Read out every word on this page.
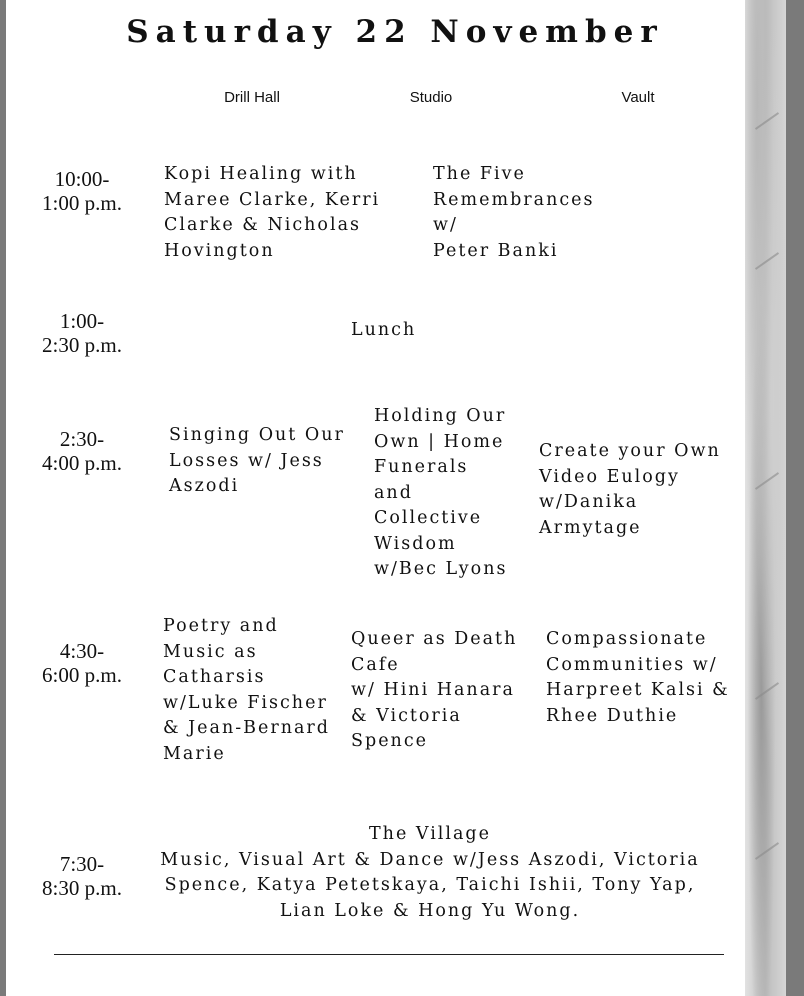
Saturday 22 November
Drill Hall	Studio	Vault
10:00-
1:00 p.m.
1:00-
2:30 p.m.
2:30-
4:00 p.m.
4:30-
6:00 p.m.
7:30-
8:30 p.m.
Kopi Healing with
Maree Clarke, Kerri
Clarke & Nicholas
Hovington
The Five
Remembrances
w/
Peter Banki
Lunch
Singing Out Our
Losses w/ Jess
Aszodi
Holding Our
Own | Home
Funerals
and
Collective
Wisdom
w/Bec Lyons
Create your Own
Video Eulogy
w/Danika
Armytage
Poetry and
Music as
Catharsis
w/Luke Fischer
& Jean-Bernard
Marie
Queer as Death
Cafe
w/ Hini Hanara
& Victoria
Spence
Compassionate
Communities w/
Harpreet Kalsi &
Rhee Duthie
The Village
Music, Visual Art & Dance w/Jess Aszodi, Victoria
Spence, Katya Petetskaya, Taichi Ishii, Tony Yap,
Lian Loke & Hong Yu Wong.
